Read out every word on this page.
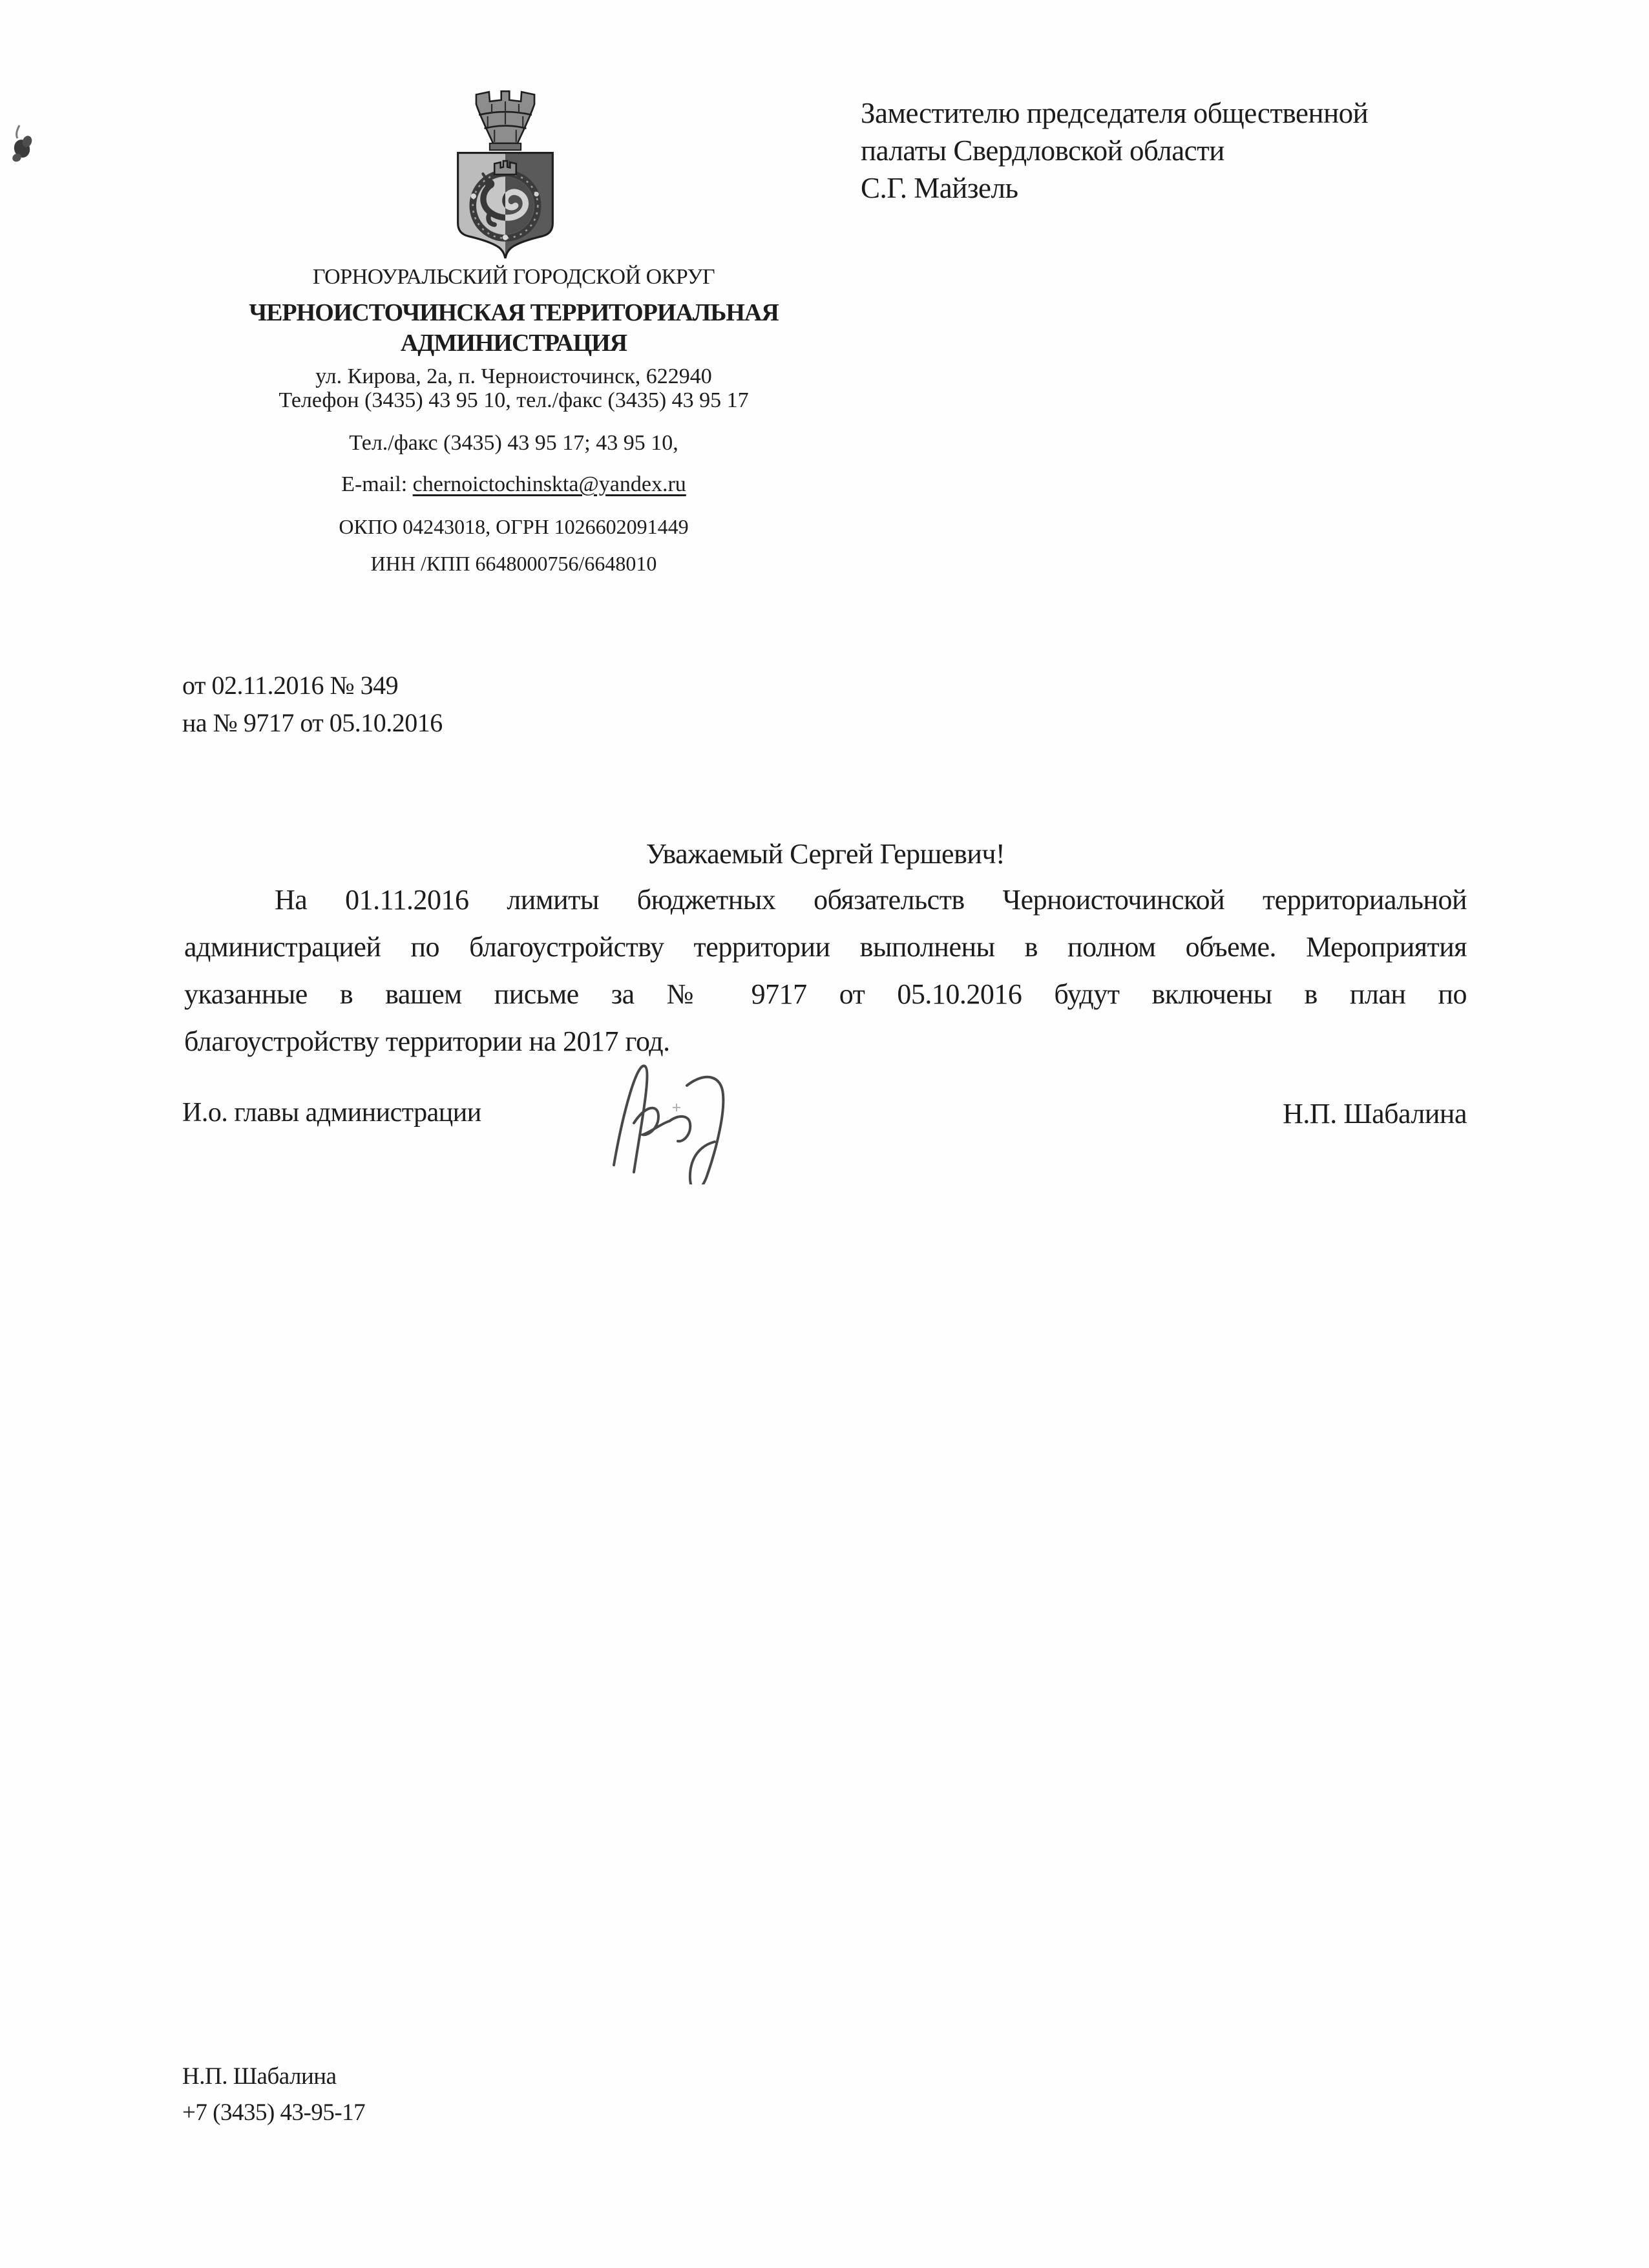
Заместителю председателя общественной
палаты Свердловской области
С.Г. Майзель
ГОРНОУРАЛЬСКИЙ ГОРОДСКОЙ ОКРУГ
ЧЕРНОИСТОЧИНСКАЯ ТЕРРИТОРИАЛЬНАЯ
АДМИНИСТРАЦИЯ
ул. Кирова, 2а, п. Черноисточинск, 622940
Телефон (3435) 43 95 10, тел./факс (3435) 43 95 17
Тел./факс (3435) 43 95 17; 43 95 10,
E-mail: chernoictochinskta@yandex.ru
ОКПО 04243018, ОГРН 1026602091449
ИНН /КПП 6648000756/6648010
от 02.11.2016 № 349
на № 9717 от 05.10.2016
Уважаемый Сергей Гершевич!
На 01.11.2016 лимиты бюджетных обязательств Черноисточинской территориальной
администрацией по благоустройству территории выполнены в полном объеме. Мероприятия
указанные в вашем письме за № 9717 от 05.10.2016 будут включены в план по
благоустройству территории на 2017 год.
И.о. главы администрации	Н.П. Шабалина
Н.П. Шабалина
+7 (3435) 43-95-17
